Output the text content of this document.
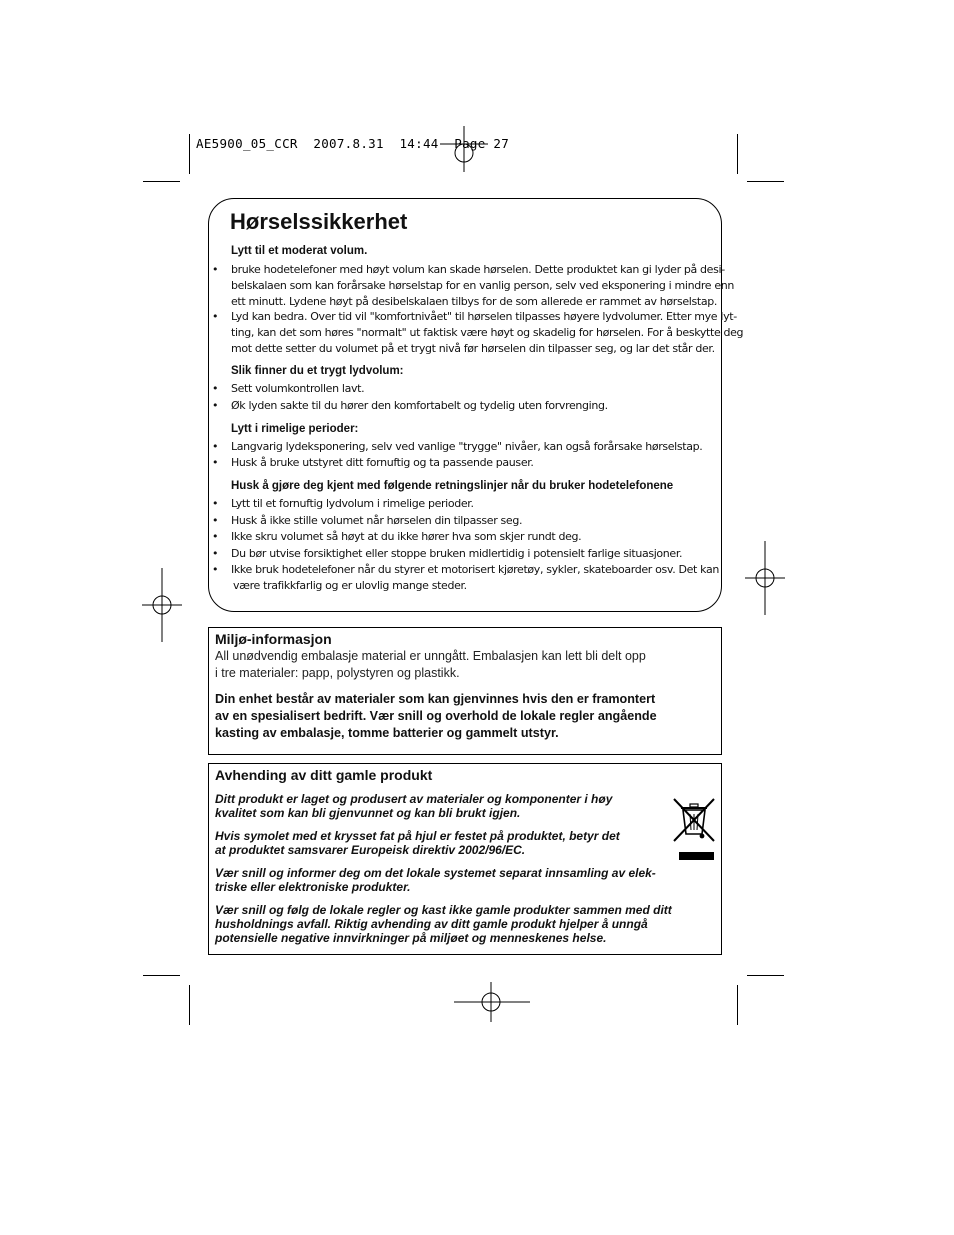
AE5900_05_CCR  2007.8.31  14:44  Page 27
Hørselssikkerhet
Lytt til et moderat volum.
• bruke hodetelefoner med høyt volum kan skade hørselen. Dette produktet kan gi lyder på desi-
belskalaen som kan forårsake hørselstap for en vanlig person, selv ved eksponering i mindre enn
ett minutt. Lydene høyt på desibelskalaen tilbys for de som allerede er rammet av hørselstap.
• Lyd kan bedra. Over tid vil "komfortnivået" til hørselen tilpasses høyere lydvolumer. Etter mye lyt-
ting, kan det som høres "normalt" ut faktisk være høyt og skadelig for hørselen. For å beskytte deg
mot dette setter du volumet på et trygt nivå før hørselen din tilpasser seg, og lar det står der.
Slik finner du et trygt lydvolum:
• Sett volumkontrollen lavt.
• Øk lyden sakte til du hører den komfortabelt og tydelig uten forvrenging.
Lytt i rimelige perioder:
• Langvarig lydeksponering, selv ved vanlige "trygge" nivåer, kan også forårsake hørselstap.
• Husk å bruke utstyret ditt fornuftig og ta passende pauser.
Husk å gjøre deg kjent med følgende retningslinjer når du bruker hodetelefonene
• Lytt til et fornuftig lydvolum i rimelige perioder.
• Husk å ikke stille volumet når hørselen din tilpasser seg.
• Ikke skru volumet så høyt at du ikke hører hva som skjer rundt deg.
• Du bør utvise forsiktighet eller stoppe bruken midlertidig i potensielt farlige situasjoner.
• Ikke bruk hodetelefoner når du styrer et motorisert kjøretøy, sykler, skateboarder osv. Det kan
være trafikkfarlig og er ulovlig mange steder.
Miljø-informasjon
All unødvendig embalasje material er unngått. Embalasjen kan lett bli delt opp
i tre materialer: papp, polystyren og plastikk.
Din enhet består av materialer som kan gjenvinnes hvis den er framontert
av en spesialisert bedrift. Vær snill og overhold de lokale regler angående
kasting av embalasje, tomme batterier og gammelt utstyr.
Avhending av ditt gamle produkt
Ditt produkt er laget og produsert av materialer og komponenter i høy
kvalitet som kan bli gjenvunnet og kan bli brukt igjen.
Hvis symolet med et krysset fat på hjul er festet på produktet, betyr det
at produktet samsvarer Europeisk direktiv 2002/96/EC.
Vær snill og informer deg om det lokale systemet separat innsamling av elek-
triske eller elektroniske produkter.
Vær snill og følg de lokale regler og kast ikke gamle produkter sammen med ditt
husholdnings avfall. Riktig avhending av ditt gamle produkt hjelper å unngå
potensielle negative innvirkninger på miljøet og menneskenes helse.
